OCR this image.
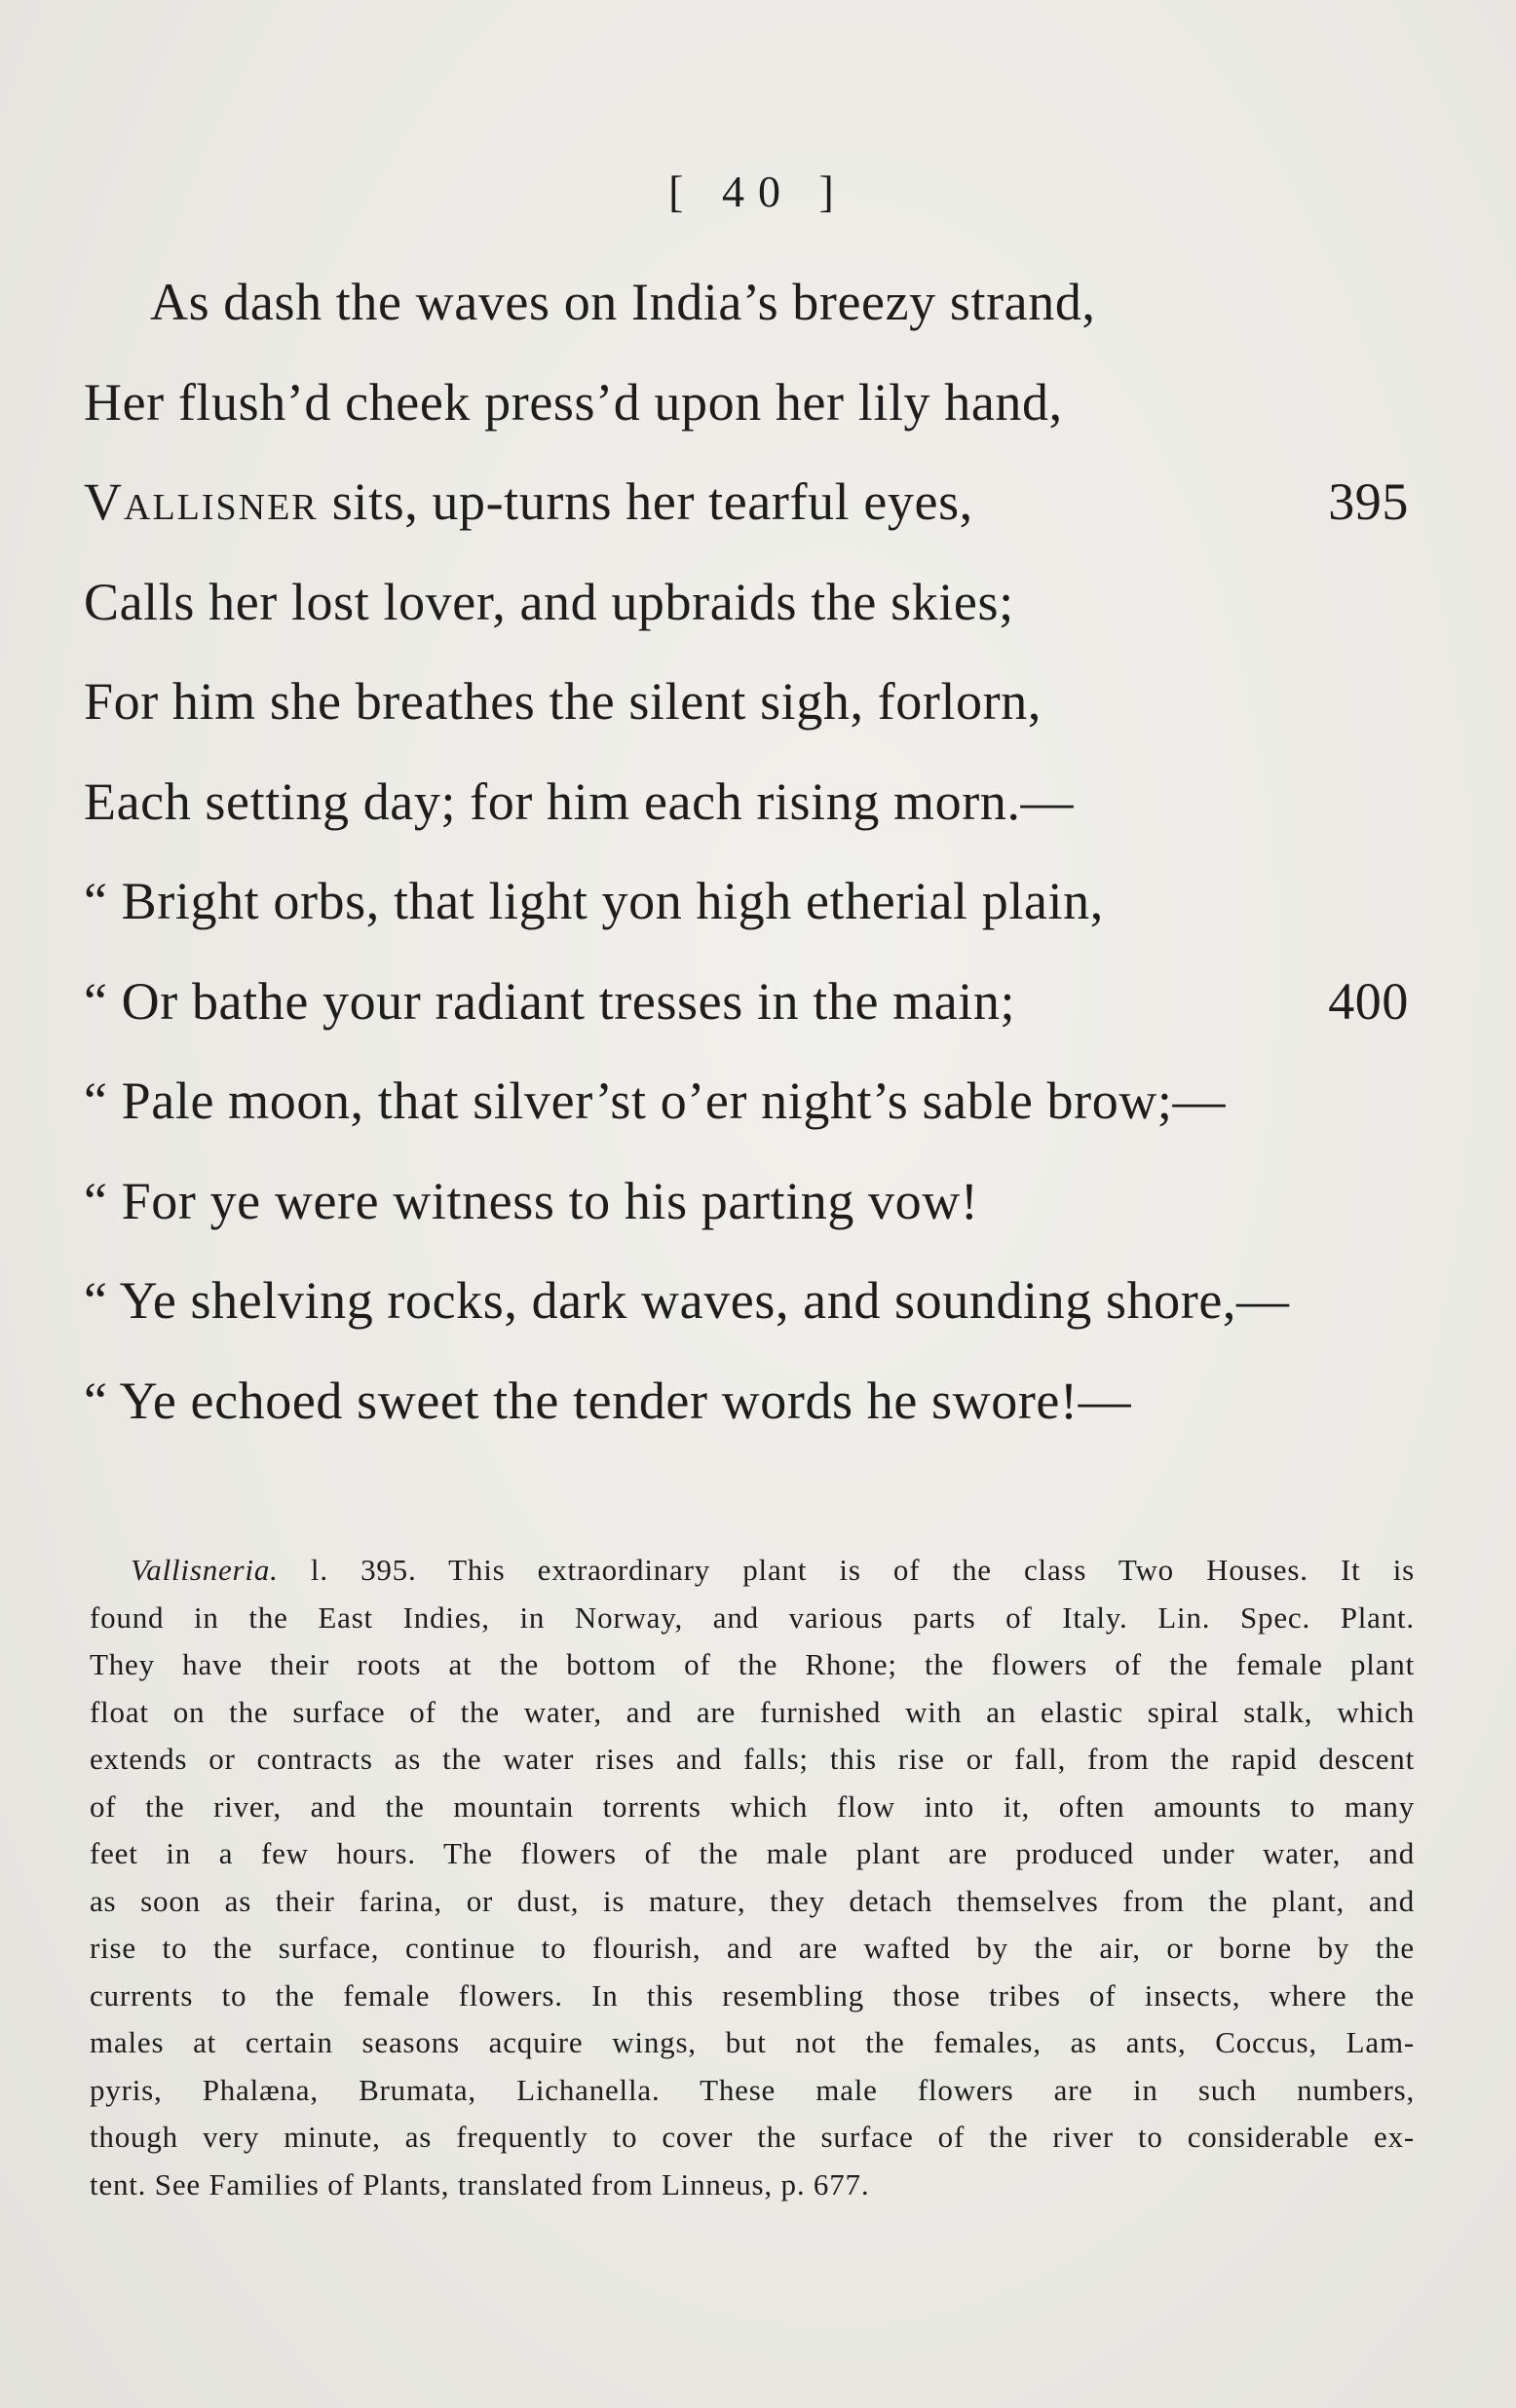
[ 40 ]
As dash the waves on India’s breezy strand,
Her flush’d cheek press’d upon her lily hand,
Vallisner sits, up-turns her tearful eyes,	395
Calls her lost lover, and upbraids the skies;
For him she breathes the silent sigh, forlorn,
Each setting day; for him each rising morn.—
“ Bright orbs, that light yon high etherial plain,
“ Or bathe your radiant tresses in the main;	400
“ Pale moon, that silver’st o’er night’s sable brow;—
“ For ye were witness to his parting vow!
“ Ye shelving rocks, dark waves, and sounding shore,—
“ Ye echoed sweet the tender words he swore!—
Vallisneria. l. 395. This extraordinary plant is of the class Two Houses. It is
found in the East Indies, in Norway, and various parts of Italy. Lin. Spec. Plant.
They have their roots at the bottom of the Rhone; the flowers of the female plant
float on the surface of the water, and are furnished with an elastic spiral stalk, which
extends or contracts as the water rises and falls; this rise or fall, from the rapid descent
of the river, and the mountain torrents which flow into it, often amounts to many
feet in a few hours. The flowers of the male plant are produced under water, and
as soon as their farina, or dust, is mature, they detach themselves from the plant, and
rise to the surface, continue to flourish, and are wafted by the air, or borne by the
currents to the female flowers. In this resembling those tribes of insects, where the
males at certain seasons acquire wings, but not the females, as ants, Coccus, Lam-
pyris, Phalæna, Brumata, Lichanella. These male flowers are in such numbers,
though very minute, as frequently to cover the surface of the river to considerable ex-
tent. See Families of Plants, translated from Linneus, p. 677.
